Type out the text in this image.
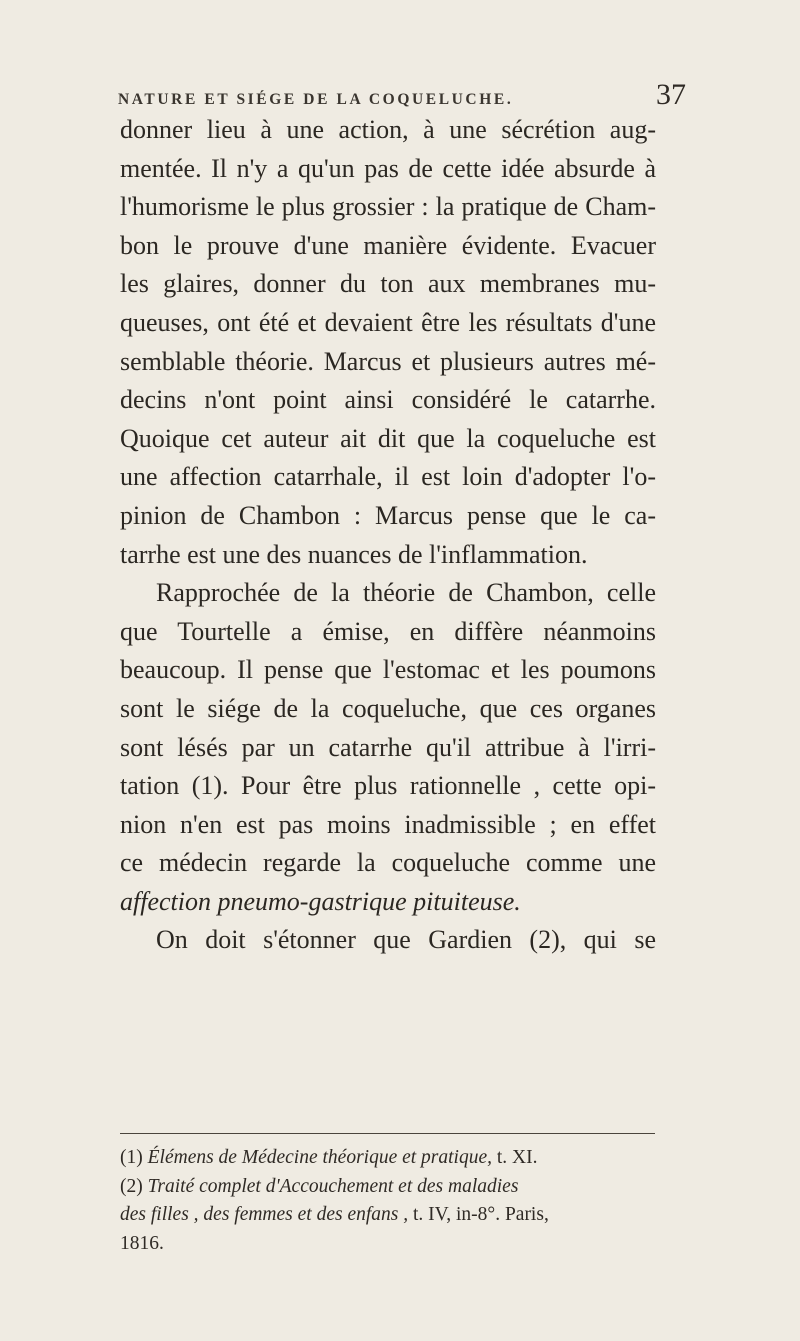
NATURE ET SIÉGE DE LA COQUELUCHE.	37
donner lieu à une action, à une sécrétion aug-
mentée. Il n'y a qu'un pas de cette idée absurde à
l'humorisme le plus grossier : la pratique de Cham-
bon le prouve d'une manière évidente. Evacuer
les glaires, donner du ton aux membranes mu-
queuses, ont été et devaient être les résultats d'une
semblable théorie. Marcus et plusieurs autres mé-
decins n'ont point ainsi considéré le catarrhe.
Quoique cet auteur ait dit que la coqueluche est
une affection catarrhale, il est loin d'adopter l'o-
pinion de Chambon : Marcus pense que le ca-
tarrhe est une des nuances de l'inflammation.
Rapprochée de la théorie de Chambon, celle
que Tourtelle a émise, en diffère néanmoins
beaucoup. Il pense que l'estomac et les poumons
sont le siége de la coqueluche, que ces organes
sont lésés par un catarrhe qu'il attribue à l'irri-
tation (1). Pour être plus rationnelle , cette opi-
nion n'en est pas moins inadmissible ; en effet
ce médecin regarde la coqueluche comme une
affection pneumo-gastrique pituiteuse.
On doit s'étonner que Gardien (2), qui se
(1) Élémens de Médecine théorique et pratique, t. XI.
(2) Traité complet d'Accouchement et des maladies
des filles , des femmes et des enfans , t. IV, in-8°. Paris,
1816.
